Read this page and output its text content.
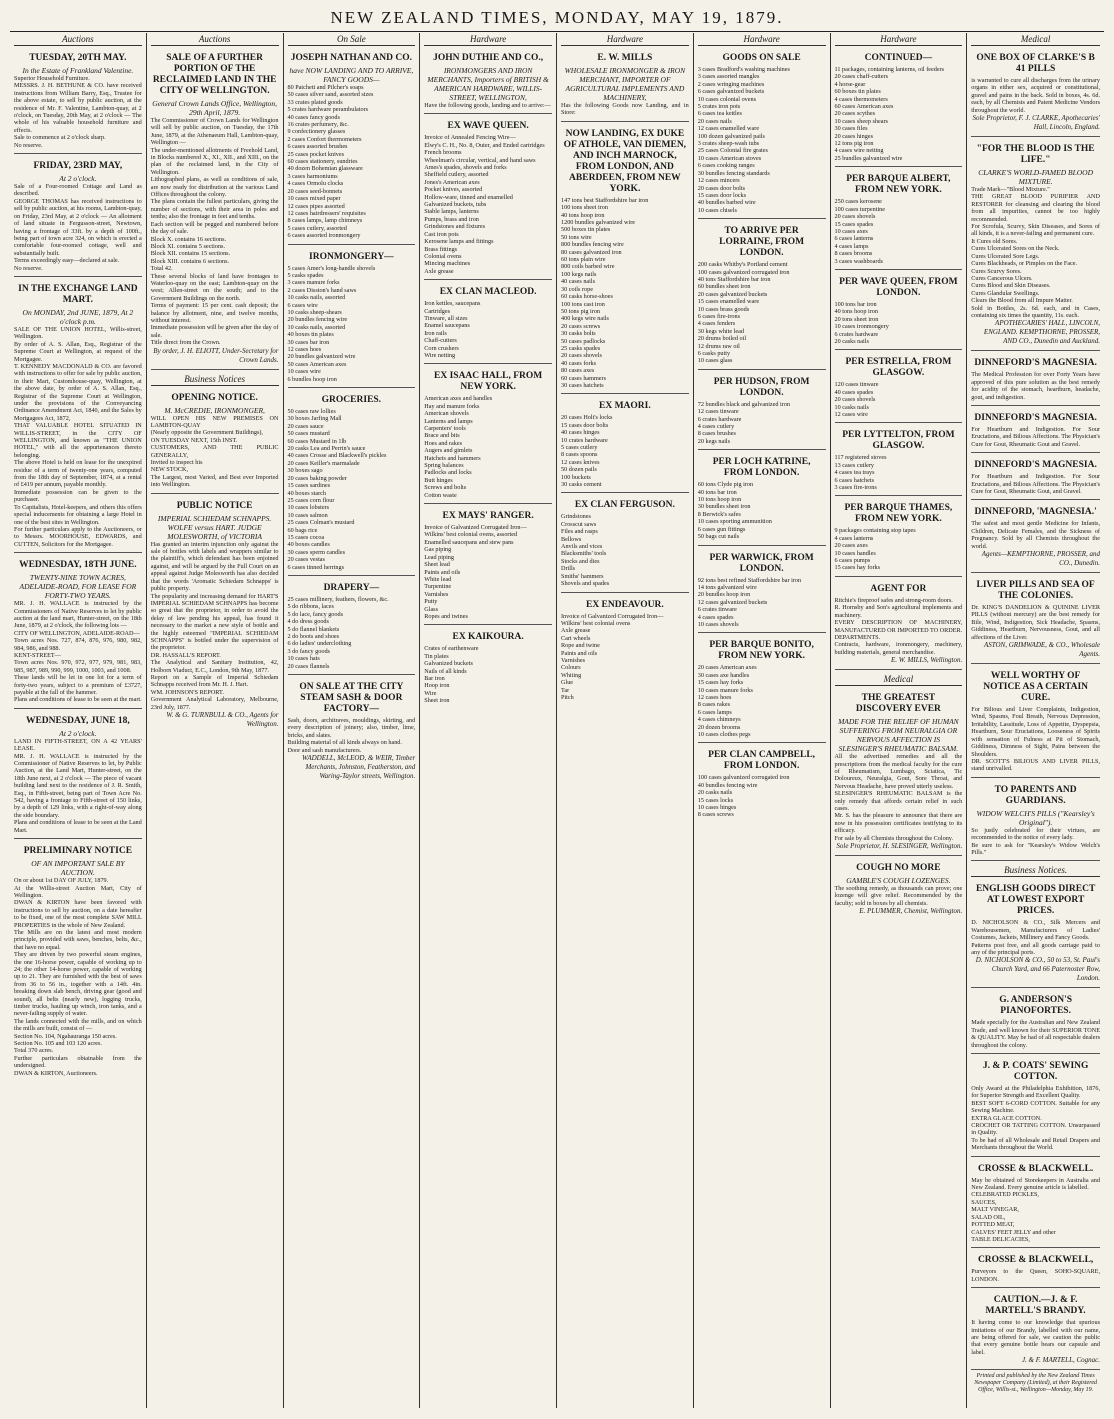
NEW ZEALAND TIMES, MONDAY, MAY 19, 1879.
Auctions
TUESDAY, 20TH MAY.
In the Estate of Frankland Valentine.
Superior Household Furniture.
MESSRS. J. H. BETHUNE & CO. have received instructions from William Barry, Esq., Trustee for the above estate, to sell by public auction, at the residence of Mr. F. Valentine, Lambton-quay, at 2 o'clock, on Tuesday, 20th May, at 2 o'clock — The whole of his valuable household furniture and effects.
Sale to commence at 2 o'clock sharp.
No reserve.
FRIDAY, 23RD MAY,
At 2 o'clock.
Sale of a Four-roomed Cottage and Land as described.
GEORGE THOMAS has received instructions to sell by public auction, at his rooms, Lambton-quay, on Friday, 23rd May, at 2 o'clock — An allotment of land situate in Fergusson-street, Newtown, having a frontage of 33ft. by a depth of 100ft., being part of town acre 324, on which is erected a comfortable four-roomed cottage, well and substantially built.
Terms exceedingly easy—declared at sale.
No reserve.
IN THE EXCHANGE LAND MART.
On MONDAY, 2nd JUNE, 1879, At 2 o'clock p.m.
SALE OF THE UNION HOTEL, Willis-street, Wellington.
By order of A. S. Allan, Esq., Registrar of the Supreme Court at Wellington, at request of the Mortgagee.
T. KENNEDY MACDONALD & CO. are favored with instructions to offer for sale by public auction, in their Mart, Customhouse-quay, Wellington, at the above date, by order of A. S. Allan, Esq., Registrar of the Supreme Court at Wellington, under the provisions of the Conveyancing Ordinance Amendment Act, 1840, and the Sales by Mortgagees Act, 1872,
THAT VALUABLE HOTEL SITUATED IN WILLIS-STREET, in the CITY OF WELLINGTON, and known as "THE UNION HOTEL," with all the appurtenances thereto belonging.
The above Hotel is held on lease for the unexpired residue of a term of twenty-one years, computed from the 18th day of September, 1874, at a rental of £419 per annum, payable monthly.
Immediate possession can be given to the purchaser.
To Capitalists, Hotel-keepers, and others this offers special inducements for obtaining a large Hotel in one of the best sites in Wellington.
For further particulars apply to the Auctioneers, or to Messrs. MOORHOUSE, EDWARDS, and CUTTEN, Solicitors for the Mortgagee.
WEDNESDAY, 18TH JUNE.
TWENTY-NINE TOWN ACRES, ADELAIDE-ROAD, FOR LEASE FOR FORTY-TWO YEARS.
MR. J. H. WALLACE is instructed by the Commissioners of Native Reserves to let by public auction at the land mart, Hunter-street, on the 18th June, 1879, at 2 o'clock, the following lots —
CITY OF WELLINGTON, ADELAIDE-ROAD—
Town acres Nos. 727, 874, 876, 976, 980, 982, 984, 986, and 988.
KENT-STREET—
Town acres Nos. 970, 972, 977, 979, 981, 983, 985, 987, 989, 990, 999, 1000, 1003, and 1008.
These lands will be let in one lot for a term of forty-two years, subject to a premium of £3727, payable at the fall of the hammer.
Plans and conditions of lease to be seen at the mart.
WEDNESDAY, JUNE 18,
At 2 o'clock.
LAND IN FIFTH-STREET, ON A 42 YEARS' LEASE.
MR. J. H. WALLACE is instructed by the Commissioner of Native Reserves to let, by Public Auction, at the Land Mart, Hunter-street, on the 18th June next, at 2 o'clock — The piece of vacant building land next to the residence of J. R. Smith, Esq., in Fifth-street, being part of Town Acre No. 542, having a frontage to Fifth-street of 150 links, by a depth of 129 links, with a right-of-way along the side boundary.
Plans and conditions of lease to be seen at the Land Mart.
PRELIMINARY NOTICE
OF AN IMPORTANT SALE BY AUCTION.
On or about 1st DAY OF JULY, 1879.
At the Willis-street Auction Mart, City of Wellington.
DWAN & KIRTON have been favored with instructions to sell by auction, on a date hereafter to be fixed, one of the most complete SAW MILL PROPERTIES in the whole of New Zealand.
The Mills are on the latest and most modern principle, provided with saws, benches, belts, &c., that have no equal.
They are driven by two powerful steam engines, the one 16-horse power, capable of working up to 24; the other 14-horse power, capable of working up to 21. They are furnished with the best of saws from 36 to 56 in., together with a 14ft. 4in. breaking down slab bench, driving gear (good and sound), all belts (nearly new), logging trucks, timber trucks, hauling up winch, iron tanks, and a never-failing supply of water.
The lands connected with the mills, and on which the mills are built, consist of —
Section No. 104, Ngahauranga 150 acres.
Section No. 105 and 103 120 acres.
Total 370 acres.
Further particulars obtainable from the undersigned.
DWAN & KIRTON, Auctioneers.
Auctions
SALE OF A FURTHER PORTION OF THE RECLAIMED LAND IN THE CITY OF WELLINGTON.
General Crown Lands Office, Wellington, 29th April, 1879.
The Commissioner of Crown Lands for Wellington will sell by public auction, on Tuesday, the 17th June, 1879, at the Athenaeum Hall, Lambton-quay, Wellington —
The under-mentioned allotments of Freehold Land, in Blocks numbered X., XI., XII., and XIII., on the plan of the reclaimed land, in the City of Wellington.
Lithographed plans, as well as conditions of sale, are now ready for distribution at the various Land Offices throughout the colony.
The plans contain the fullest particulars, giving the number of sections, with their area in poles and tenths; also the frontage in feet and tenths.
Each section will be pegged and numbered before the day of sale.
Block X. contains 16 sections.
Block XI. contains 5 sections.
Block XII. contains 15 sections.
Block XIII. contains 6 sections.
Total 42.
These several blocks of land have frontages to Waterloo-quay on the east; Lambton-quay on the west; Allen-street on the south; and to the Government Buildings on the north.
Terms of payment: 15 per cent. cash deposit; the balance by allotment, nine, and twelve months, without interest.
Immediate possession will be given after the day of sale.
Title direct from the Crown.
By order, J. H. ELIOTT, Under-Secretary for Crown Lands.
Business Notices
OPENING NOTICE.
M. McCREDIE, IRONMONGER,
WILL OPEN HIS NEW PREMISES ON LAMBTON-QUAY
(Nearly opposite the Government Buildings),
ON TUESDAY NEXT, 15th INST.
CUSTOMERS, AND THE PUBLIC GENERALLY,
Invited to inspect his
NEW STOCK,
The Largest, most Varied, and Best ever Imported into Wellington.
PUBLIC NOTICE
IMPERIAL SCHIEDAM SCHNAPPS. WOLFE versus HART. JUDGE MOLESWORTH, of VICTORIA
Has granted an interim injunction only against the sale of bottles with labels and wrappers similar to the plaintiff's, which defendant has been enjoined against, and will be argued by the Full Court on an appeal against Judge Molesworth has also decided that the words 'Aromatic Schiedam Schnapps' is public property.
The popularity and increasing demand for HART'S IMPERIAL SCHIEDAM SCHNAPPS has become so great that the proprietor, in order to avoid the delay of law pending his appeal, has found it necessary to the market a new style of bottle and the highly esteemed "IMPERIAL SCHIEDAM SCHNAPPS" is bottled under the supervision of the proprietor.
DR. HASSALL'S REPORT.
The Analytical and Sanitary Institution, 42, Holborn Viaduct, E.C., London, 9th May, 1877.
Report on a Sample of Imperial Schiedam Schnapps received from Mr. H. J. Hart.
WM. JOHNSON'S REPORT.
Government Analytical Laboratory, Melbourne, 23rd July, 1877.
W. & G. TURNBULL & CO., Agents for Wellington.
On Sale
JOSEPH NATHAN AND CO.
have NOW LANDING AND TO ARRIVE, FANCY GOODS—
80 Patchett and Pilcher's soaps
50 cases silver sand, assorted sizes
33 crates plated goods
5 crates hardware perambulators
40 cases fancy goods
16 crates perfumery, &c.
9 confectionery glasses
2 cases Confort thermometers
6 cases assorted brushes
25 cases pocket knives
60 cases stationery, sundries
40 dozen Bohemian glassware
3 cases harmoniums
4 cases Ormolu clocks
20 cases seed-bonnets
10 cases mixed paper
12 cases pipes assorted
12 cases hairdressers' requisites
8 cases lamps, lamp chimneys
5 cases cutlery, assorted
6 cases assorted ironmongery
IRONMONGERY—
5 cases Amer's long-handle shovels
5 casks spades
3 cases manure forks
2 cases Disston's hand saws
10 casks nails, assorted
6 cases wire
10 casks sheep-shears
20 bundles fencing wire
10 casks nails, assorted
40 boxes tin plates
30 cases bar iron
12 cases hoes
20 bundles galvanized wire
50 cases American axes
10 cases wire
6 bundles hoop iron
GROCERIES.
50 cases raw lollies
30 boxes Jarfing Mall
20 cases sauce
50 cases mustard
60 cases Mustard in 1lb
20 casks Lea and Perrin's sauce
40 cases Crosse and Blackwell's pickles
20 cases Keiller's marmalade
30 boxes sago
20 cases baking powder
15 cases sardines
40 boxes starch
25 cases corn flour
10 cases lobsters
10 cases salmon
25 cases Colman's mustard
60 bags rice
15 cases cocoa
40 boxes candles
30 cases sperm candles
20 cases vestas
6 cases tinned herrings
DRAPERY—
25 cases millinery, feathers, flowers, &c.
5 do ribbons, laces
5 do lace, fancy goods
4 do dress goods
5 do flannel blankets
2 do boots and shoes
6 do ladies' underclothing
3 do fancy goods
10 cases hats
20 cases flannels
ON SALE AT THE CITY STEAM SASH & DOOR FACTORY—
Sash, doors, architraves, mouldings, skirting, and every description of joinery; also, timber, lime, bricks, and slates.
Building material of all kinds always on hand.
Door and sash manufacturers.
WADDELL, McLEOD, & WEIR, Timber Merchants, Johnston, Featherston, and Waring-Taylor streets, Wellington.
Hardware
JOHN DUTHIE AND CO.,
IRONMONGERS AND IRON MERCHANTS, Importers of BRITISH & AMERICAN HARDWARE, WILLIS-STREET, WELLINGTON,
Have the following goods, landing and to arrive:—
EX WAVE QUEEN.
Invoice of Annealed Fencing Wire—
Elwy's C. H., No. 8, Outer, and Ended cartridges
French brooms
Wheelman's circular, vertical, and hand saws
Ames's spades, shovels and forks
Sheffield cutlery, assorted
Jones's American axes
Pocket knives, assorted
Hollow-ware, tinned and enamelled
Galvanized buckets, tubs
Stable lamps, lanterns
Pumps, brass and iron
Grindstones and fixtures
Cast iron pots
Kerosene lamps and fittings
Brass fittings
Colonial ovens
Mincing machines
Axle grease
EX CLAN MACLEOD.
Iron kettles, saucepans
Cartridges
Tinware, all sizes
Enamel saucepans
Iron rails
Chaff-cutters
Corn crushers
Wire netting
EX ISAAC HALL, FROM NEW YORK.
American axes and handles
Hay and manure forks
American shovels
Lanterns and lamps
Carpenters' tools
Brace and bits
Hoes and rakes
Augers and gimlets
Hatchets and hammers
Spring balances
Padlocks and locks
Butt hinges
Screws and bolts
Cotton waste
EX MAYS' RANGER.
Invoice of Galvanized Corrugated Iron—
Wilkins' best colonial ovens, assorted
Enamelled saucepans and stew pans
Gas piping
Lead piping
Sheet lead
Paints and oils
White lead
Turpentine
Varnishes
Putty
Glass
Ropes and twines
EX KAIKOURA.
Crates of earthenware
Tin plates
Galvanized buckets
Nails of all kinds
Bar iron
Hoop iron
Wire
Sheet iron
Hardware
E. W. MILLS
WHOLESALE IRONMONGER & IRON MERCHANT, IMPORTER OF AGRICULTURAL IMPLEMENTS AND MACHINERY,
Has the following Goods now Landing, and in Store:
NOW LANDING, EX DUKE OF ATHOLE, VAN DIEMEN, AND INCH MARNOCK, FROM LONDON, AND ABERDEEN, FROM NEW YORK.
147 tons best Staffordshire bar iron
100 tons sheet iron
40 tons hoop iron
1200 bundles galvanized wire
500 boxes tin plates
50 tons wire
800 bundles fencing wire
80 cases galvanized iron
60 tons plain wire
800 coils barbed wire
100 kegs nails
40 cases nails
30 coils rope
60 casks horse-shoes
100 tons cast iron
50 tons pig iron
400 kegs wire nails
20 cases screws
30 casks bolts
50 cases padlocks
25 casks spades
20 cases shovels
40 cases forks
80 cases axes
60 cases hammers
30 cases hatchets
EX MAORI.
20 cases Holt's locks
15 cases door bolts
40 cases hinges
10 crates hardware
5 cases cutlery
8 cases spoons
12 cases knives
50 dozen pails
100 buckets
30 casks cement
EX CLAN FERGUSON.
Grindstones
Crosscut saws
Files and rasps
Bellows
Anvils and vices
Blacksmiths' tools
Stocks and dies
Drills
Smiths' hammers
Shovels and spades
EX ENDEAVOUR.
Invoice of Galvanized Corrugated Iron—
Wilkins' best colonial ovens
Axle grease
Cart wheels
Rope and twine
Paints and oils
Varnishes
Colours
Whiting
Glue
Tar
Pitch
Hardware
GOODS ON SALE
3 cases Bradford's washing machines
3 cases assorted mangles
2 cases wringing machines
6 cases galvanized buckets
10 cases colonial ovens
5 crates iron pots
6 cases tea kettles
20 cases nails
12 cases enamelled ware
100 dozen galvanized pails
3 crates sheep-wash tubs
25 cases Colonial fire grates
10 cases American stoves
6 cases cooking ranges
30 bundles fencing standards
12 cases mincers
20 cases door bolts
15 cases door locks
40 bundles barbed wire
10 cases chisels
TO ARRIVE PER LORRAINE, FROM LONDON.
200 casks Whitby's Portland cement
100 cases galvanized corrugated iron
40 tons Staffordshire bar iron
60 bundles sheet iron
20 cases galvanized buckets
15 cases enamelled ware
10 cases brass goods
6 cases fire-irons
4 cases fenders
30 kegs white lead
20 drums boiled oil
12 drums raw oil
6 casks putty
10 cases glass
PER HUDSON, FROM LONDON.
72 bundles black and galvanized iron
12 cases tinware
6 crates hardware
4 cases cutlery
8 cases brushes
20 kegs nails
PER LOCH KATRINE, FROM LONDON.
60 tons Clyde pig iron
40 tons bar iron
10 tons hoop iron
30 bundles sheet iron
8 Berwick's safes
10 cases sporting ammunition
6 cases gun fittings
50 bags cut nails
PER WARWICK, FROM LONDON.
92 tons best refined Staffordshire bar iron
14 tons galvanized wire
20 bundles hoop iron
12 cases galvanized buckets
6 crates tinware
4 cases spades
10 cases shovels
PER BARQUE BONITO, FROM NEW YORK.
20 cases American axes
30 cases axe handles
15 cases hay forks
10 cases manure forks
12 cases hoes
8 cases rakes
6 cases lamps
4 cases chimneys
20 dozen brooms
10 cases clothes pegs
PER CLAN CAMPBELL, FROM LONDON.
100 cases galvanized corrugated iron
40 bundles fencing wire
20 casks nails
15 cases locks
10 cases hinges
8 cases screws
Hardware
CONTINUED—
11 packages, containing lanterns, oil feeders
20 cases chaff-cutters
4 horse-gear
60 boxes tin plates
4 cases thermometers
60 cases American axes
20 cases scythes
10 cases sheep shears
30 cases files
20 cases hinges
12 tons pig iron
4 cases wire netting
25 bundles galvanized wire
PER BARQUE ALBERT, FROM NEW YORK.
250 cases kerosene
100 cases turpentine
20 cases shovels
15 cases spades
10 cases axes
6 cases lanterns
4 cases lamps
8 cases brooms
3 cases washboards
PER WAVE QUEEN, FROM LONDON.
100 tons bar iron
40 tons hoop iron
20 tons sheet iron
10 cases ironmongery
6 crates hardware
20 casks nails
PER ESTRELLA, FROM GLASGOW.
120 cases tinware
40 cases spades
20 cases shovels
10 casks nails
12 cases wire
PER LYTTELTON, FROM GLASGOW.
117 registered stoves
13 cases cutlery
4 cases tea trays
6 cases hatchets
3 cases fire-irons
PER BARQUE THAMES, FROM NEW YORK.
9 packages containing stop tapes
4 cases lanterns
20 cases axes
10 cases handles
6 cases pumps
15 cases hay forks
AGENT FOR
Ritchie's fireproof safes and strong-room doors.
R. Hornsby and Son's agricultural implements and machinery.
EVERY DESCRIPTION OF MACHINERY, MANUFACTURED OR IMPORTED TO ORDER.
DEPARTMENTS.
Contracts, hardware, ironmongery, machinery, building materials, general merchandise.
E. W. MILLS, Wellington.
Medical
THE GREATEST DISCOVERY EVER
MADE FOR THE RELIEF OF HUMAN SUFFERING FROM NEURALGIA OR NERVOUS AFFECTION IS SLESINGER'S RHEUMATIC BALSAM.
All the advertised remedies and all the prescriptions from the medical faculty for the cure of Rheumatism, Lumbago, Sciatica, Tic Doloureux, Neuralgia, Gout, Sore Throat, and Nervous Headache, have proved utterly useless.
SLESINGER'S RHEUMATIC BALSAM is the only remedy that affords certain relief in such cases.
Mr. S. has the pleasure to announce that there are now in his possession certificates testifying to its efficacy.
For sale by all Chemists throughout the Colony.
Sole Proprietor, H. SLESINGER, Wellington.
COUGH NO MORE
GAMBLE'S COUGH LOZENGES.
The soothing remedy, as thousands can prove; one lozenge will give relief. Recommended by the faculty; sold in boxes by all chemists.
E. PLUMMER, Chemist, Wellington.
Medical
ONE BOX OF CLARKE'S B 41 PILLS
is warranted to cure all discharges from the urinary organs in either sex, acquired or constitutional, gravel and pains in the back. Sold in boxes, 4s. 6d. each, by all Chemists and Patent Medicine Vendors throughout the world.
Sole Proprietor, F. J. CLARKE, Apothecaries' Hall, Lincoln, England.
"FOR THE BLOOD IS THE LIFE."
CLARKE'S WORLD-FAMED BLOOD MIXTURE.
Trade Mark—"Blood Mixture."
THE GREAT BLOOD PURIFIER AND RESTORER for cleansing and clearing the blood from all impurities, cannot be too highly recommended.
For Scrofula, Scurvy, Skin Diseases, and Sores of all kinds, it is a never-failing and permanent cure.
It Cures old Sores.
Cures Ulcerated Sores on the Neck.
Cures Ulcerated Sore Legs.
Cures Blackheads, or Pimples on the Face.
Cures Scurvy Sores.
Cures Cancerous Ulcers.
Cures Blood and Skin Diseases.
Cures Glandular Swellings.
Clears the Blood from all Impure Matter.
Sold in Bottles, 2s. 6d. each, and in Cases, containing six times the quantity, 11s. each.
APOTHECARIES' HALL, LINCOLN, ENGLAND. KEMPTHORNE, PROSSER, AND CO., Dunedin and Auckland.
DINNEFORD'S MAGNESIA.
The Medical Profession for over Forty Years have approved of this pure solution as the best remedy for acidity of the stomach, heartburn, headache, gout, and indigestion.
DINNEFORD'S MAGNESIA.
For Heartburn and Indigestion. For Sour Eructations, and Bilious Affections. The Physician's Cure for Gout, Rheumatic Gout and Gravel.
DINNEFORD'S MAGNESIA.
For Heartburn and Indigestion. For Sour Eructations, and Bilious Affections. The Physician's Cure for Gout, Rheumatic Gout, and Gravel.
DINNEFORD, 'MAGNESIA.'
The safest and most gentle Medicine for Infants, Children, Delicate Females, and the Sickness of Pregnancy. Sold by all Chemists throughout the world.
Agents—KEMPTHORNE, PROSSER, and CO., Dunedin.
LIVER PILLS AND SEA OF THE COLONIES.
Dr. KING'S DANDELION & QUININE LIVER PILLS (without mercury) are the best remedy for Bile, Wind, Indigestion, Sick Headache, Spasms, Giddiness, Heartburn, Nervousness, Gout, and all affections of the Liver.
ASTON, GRIMWADE, & CO., Wholesale Agents.
WELL WORTHY OF NOTICE AS A CERTAIN CURE.
For Bilious and Liver Complaints, Indigestion, Wind, Spasms, Foul Breath, Nervous Depression, Irritability, Lassitude, Loss of Appetite, Dyspepsia, Heartburn, Sour Eructations, Looseness of Spirits with sensation of Fulness at Pit of Stomach, Giddiness, Dimness of Sight, Pains between the Shoulders.
DR. SCOTT'S BILIOUS AND LIVER PILLS, stand unrivalled.
TO PARENTS AND GUARDIANS.
WIDOW WELCH'S PILLS ("Kearsley's Original").
So justly celebrated for their virtues, are recommended to the notice of every lady.
Be sure to ask for "Kearsley's Widow Welch's Pills."
Business Notices.
ENGLISH GOODS DIRECT AT LOWEST EXPORT PRICES.
D. NICHOLSON & CO., Silk Mercers and Warehousemen, Manufacturers of Ladies' Costumes, Jackets, Millinery and Fancy Goods.
Patterns post free, and all goods carriage paid to any of the principal ports.
D. NICHOLSON & CO., 50 to 53, St. Paul's Church Yard, and 66 Paternoster Row, London.
G. ANDERSON'S PIANOFORTES.
Made specially for the Australian and New Zealand Trade, and well known for their SUPERIOR TONE & QUALITY. May be had of all respectable dealers throughout the colony.
J. & P. COATS' SEWING COTTON.
Only Award at the Philadelphia Exhibition, 1876, for Superior Strength and Excellent Quality.
BEST SOFT 6-CORD COTTON. Suitable for any Sewing Machine.
EXTRA GLACE COTTON.
CROCHET OR TATTING COTTON. Unsurpassed in Quality.
To be had of all Wholesale and Retail Drapers and Merchants throughout the World.
CROSSE & BLACKWELL.
May be obtained of Storekeepers in Australia and New Zealand. Every genuine article is labelled.
CELEBRATED PICKLES,
SAUCES,
MALT VINEGAR,
SALAD OIL,
POTTED MEAT,
CALVES' FEET JELLY and other
TABLE DELICACIES,
CROSSE & BLACKWELL,
Purveyors to the Queen, SOHO-SQUARE, LONDON.
CAUTION.—J. & F. MARTELL'S BRANDY.
It having come to our knowledge that spurious imitations of our Brandy, labelled with our name, are being offered for sale, we caution the public that every genuine bottle bears our capsule and label.
J. & F. MARTELL, Cognac.
Printed and published by the New Zealand Times Newspaper Company (Limited), at their Registered Office, Willis-st., Wellington—Monday, May 19.
